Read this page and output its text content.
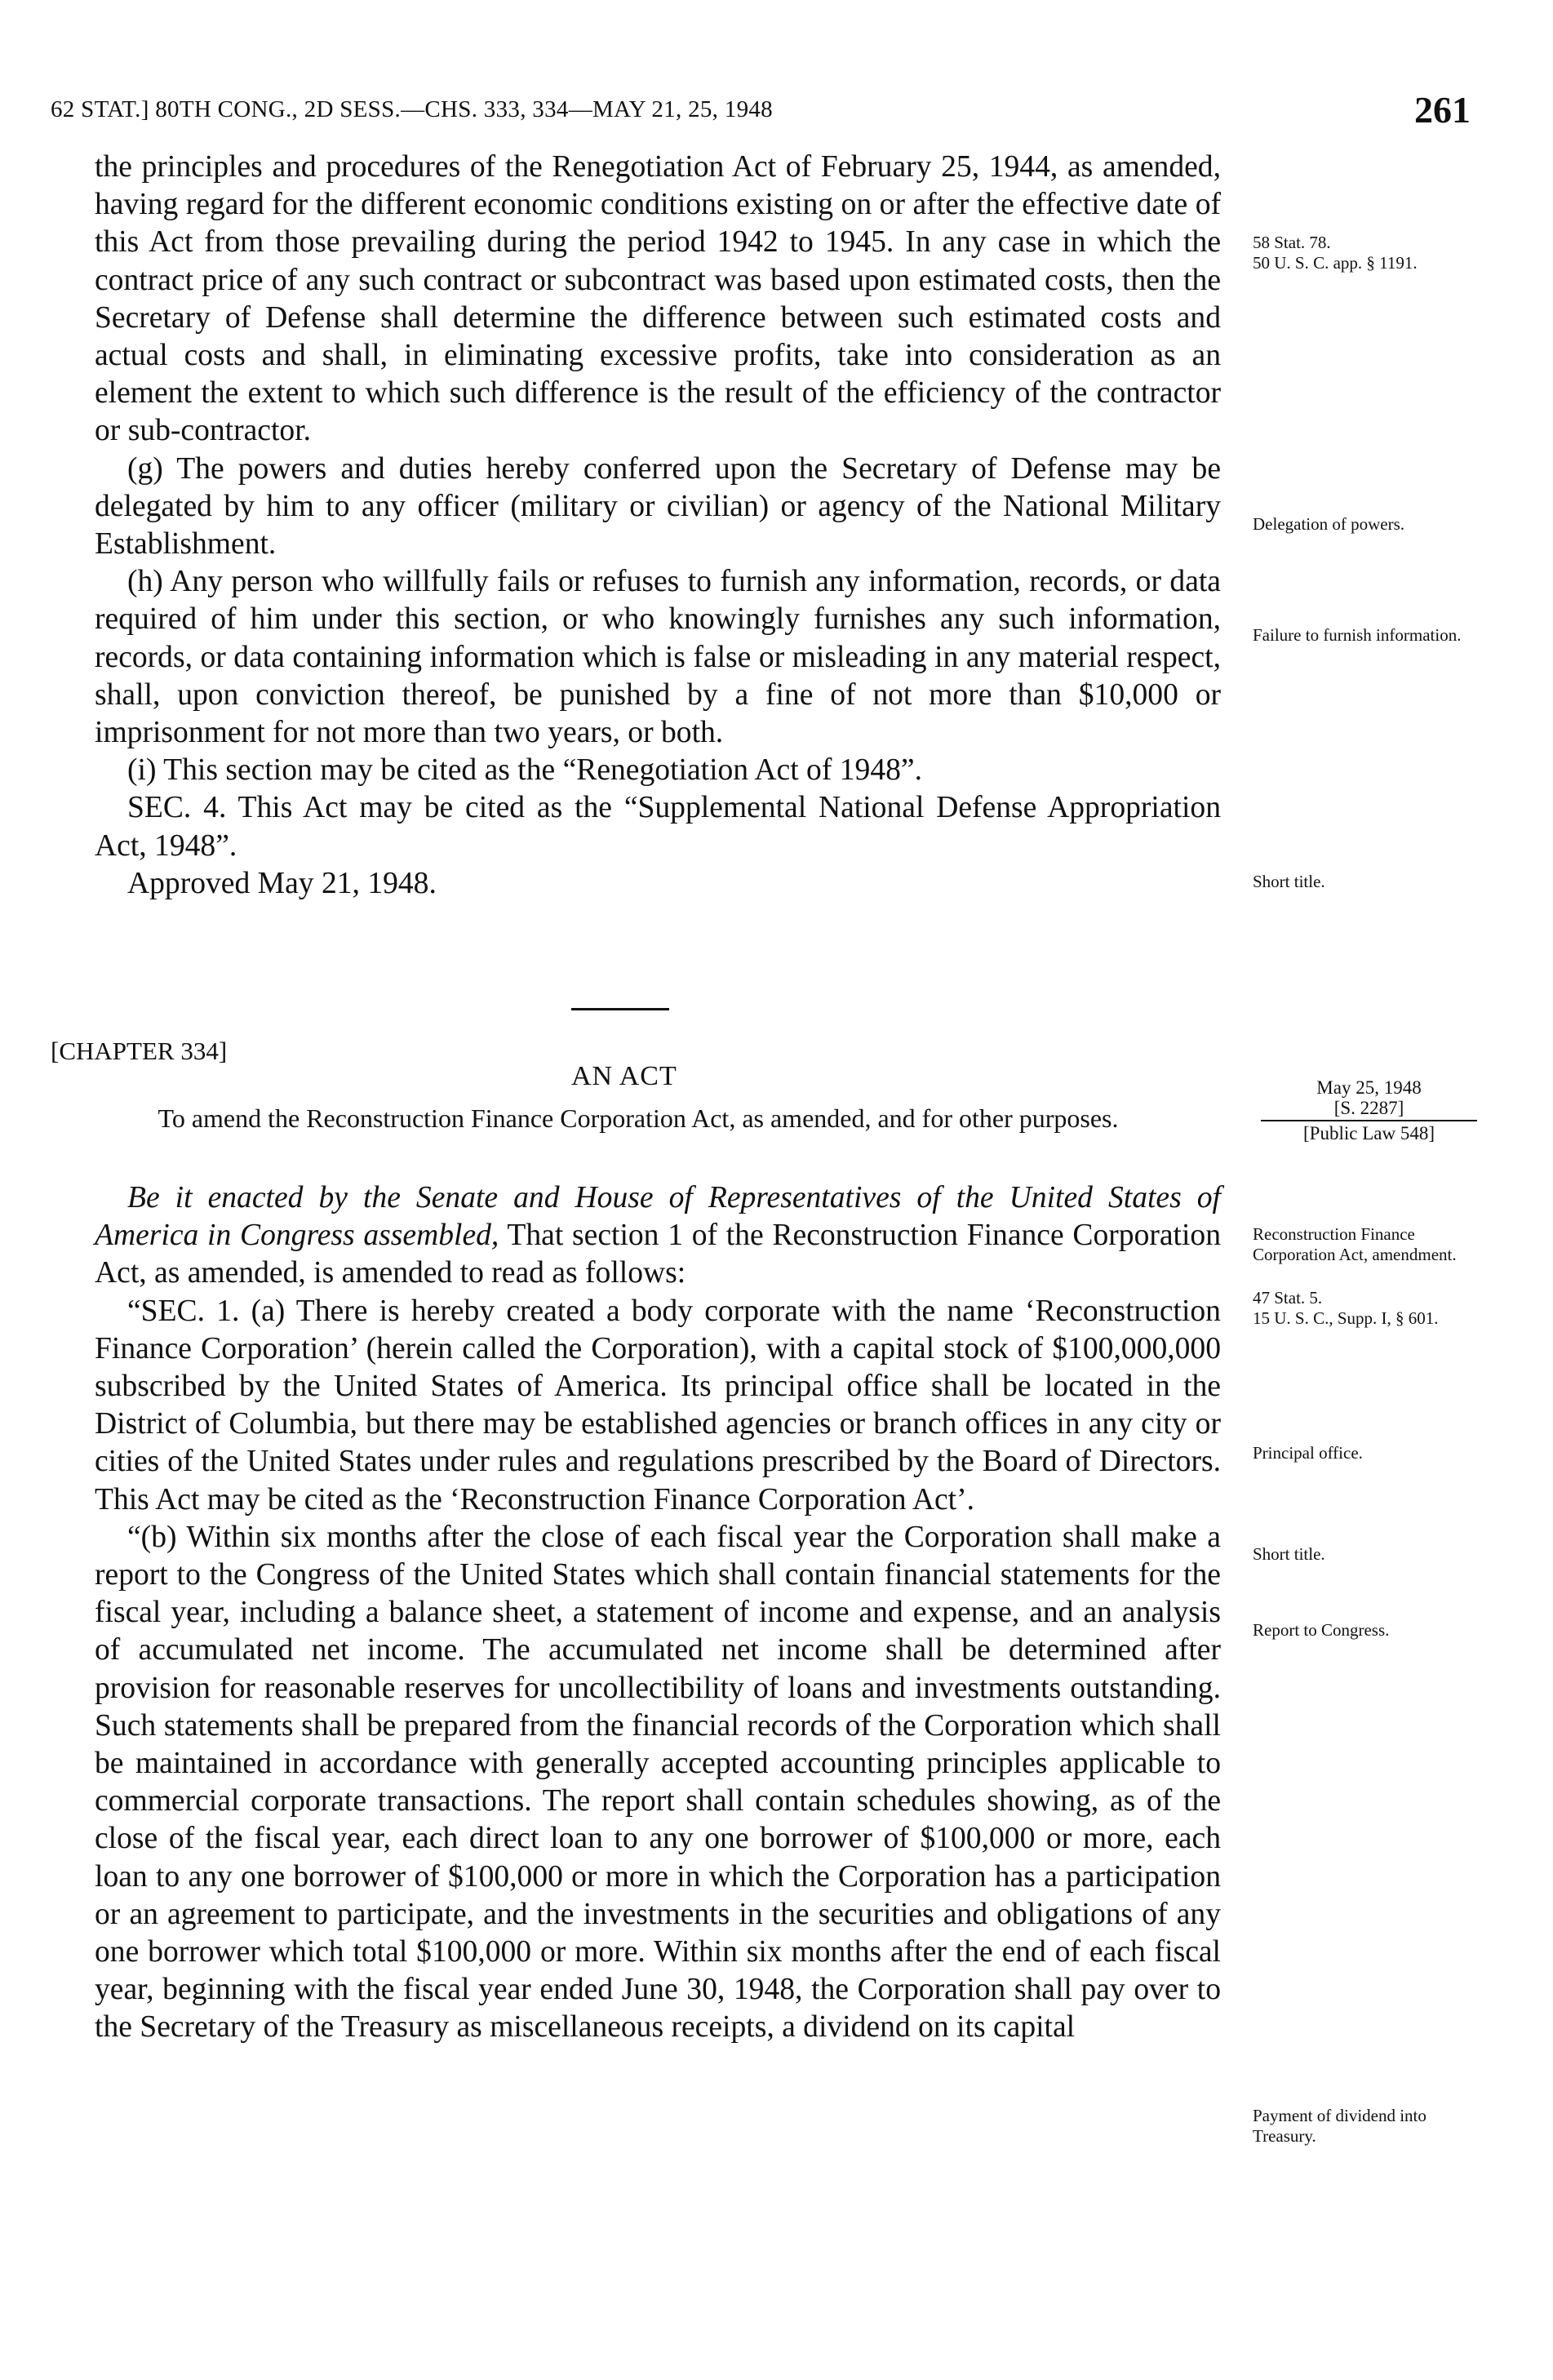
62 STAT.] 80TH CONG., 2D SESS.—CHS. 333, 334—MAY 21, 25, 1948	261

the principles and procedures of the Renegotiation Act of February 25, 1944, as amended, having regard for the different economic conditions existing on or after the effective date of this Act from those prevailing during the period 1942 to 1945. In any case in which the contract price of any such contract or subcontract was based upon estimated costs, then the Secretary of Defense shall determine the difference between such estimated costs and actual costs and shall, in eliminating excessive profits, take into consideration as an element the extent to which such difference is the result of the efficiency of the contractor or sub-contractor.

(g) The powers and duties hereby conferred upon the Secretary of Defense may be delegated by him to any officer (military or civilian) or agency of the National Military Establishment.

(h) Any person who willfully fails or refuses to furnish any information, records, or data required of him under this section, or who knowingly furnishes any such information, records, or data containing information which is false or misleading in any material respect, shall, upon conviction thereof, be punished by a fine of not more than $10,000 or imprisonment for not more than two years, or both.

(i) This section may be cited as the “Renegotiation Act of 1948”.

SEC. 4. This Act may be cited as the “Supplemental National Defense Appropriation Act, 1948”.

Approved May 21, 1948.

58 Stat. 78.
50 U. S. C. app. § 1191.
Delegation of powers.
Failure to furnish information.
Short title.
[CHAPTER 334]
AN ACT
To amend the Reconstruction Finance Corporation Act, as amended, and for other purposes.
May 25, 1948
[S. 2287]
[Public Law 548]

Be it enacted by the Senate and House of Representatives of the United States of America in Congress assembled, That section 1 of the Reconstruction Finance Corporation Act, as amended, is amended to read as follows:

“SEC. 1. (a) There is hereby created a body corporate with the name ‘Reconstruction Finance Corporation’ (herein called the Corporation), with a capital stock of $100,000,000 subscribed by the United States of America. Its principal office shall be located in the District of Columbia, but there may be established agencies or branch offices in any city or cities of the United States under rules and regulations prescribed by the Board of Directors. This Act may be cited as the ‘Reconstruction Finance Corporation Act’.

“(b) Within six months after the close of each fiscal year the Corporation shall make a report to the Congress of the United States which shall contain financial statements for the fiscal year, including a balance sheet, a statement of income and expense, and an analysis of accumulated net income. The accumulated net income shall be determined after provision for reasonable reserves for uncollectibility of loans and investments outstanding. Such statements shall be prepared from the financial records of the Corporation which shall be maintained in accordance with generally accepted accounting principles applicable to commercial corporate transactions. The report shall contain schedules showing, as of the close of the fiscal year, each direct loan to any one borrower of $100,000 or more, each loan to any one borrower of $100,000 or more in which the Corporation has a participation or an agreement to participate, and the investments in the securities and obligations of any one borrower which total $100,000 or more. Within six months after the end of each fiscal year, beginning with the fiscal year ended June 30, 1948, the Corporation shall pay over to the Secretary of the Treasury as miscellaneous receipts, a dividend on its capital

Reconstruction Finance Corporation Act, amendment.
47 Stat. 5.
15 U. S. C., Supp. I, § 601.
Principal office.
Short title.
Report to Congress.
Payment of dividend into Treasury.
